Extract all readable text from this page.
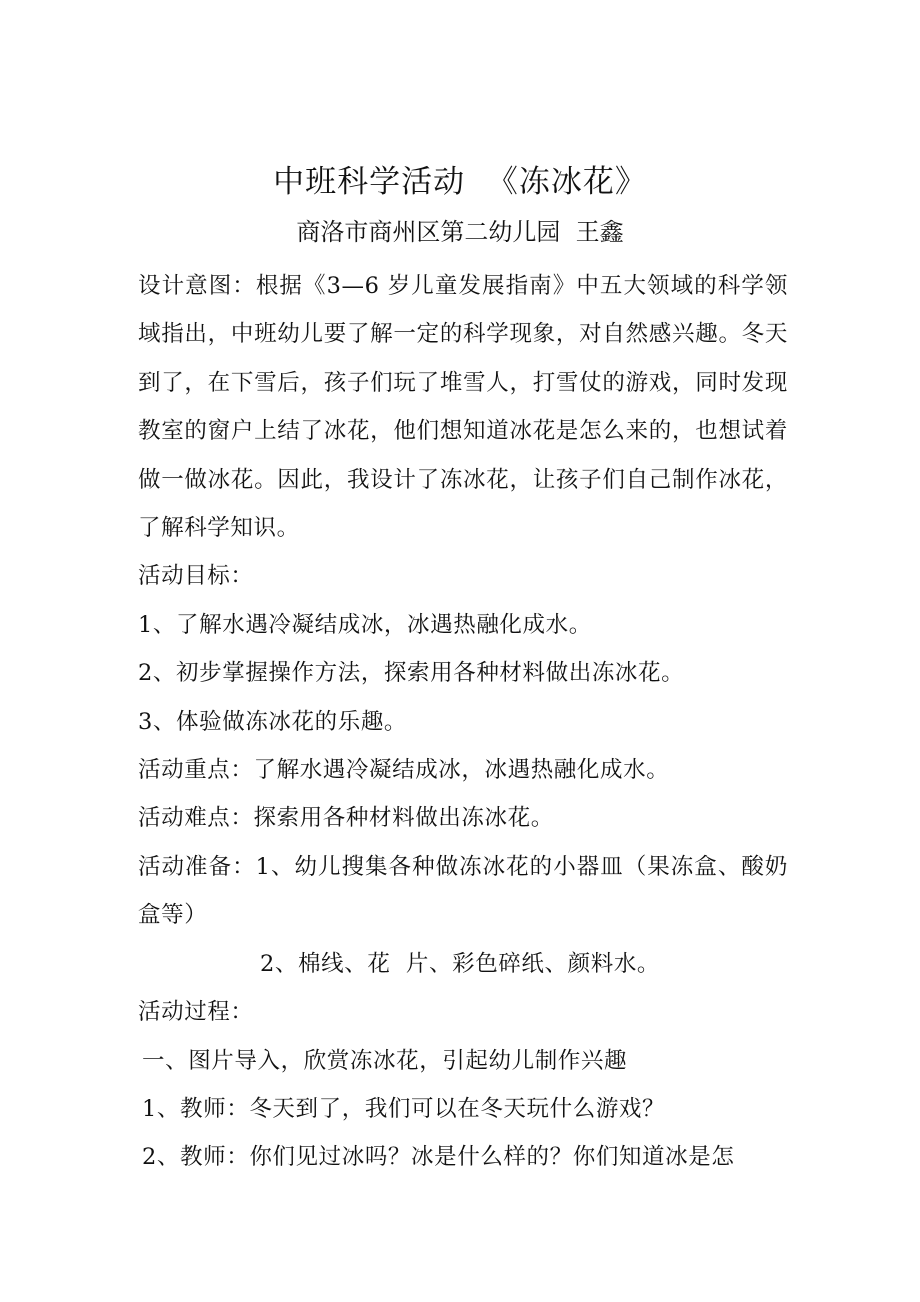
中班科学活动  《冻冰花》
商洛市商州区第二幼儿园  王鑫

设计意图：根据《3—6 岁儿童发展指南》中五大领域的科学领域指出，中班幼儿要了解一定的科学现象，对自然感兴趣。冬天到了，在下雪后，孩子们玩了堆雪人，打雪仗的游戏，同时发现教室的窗户上结了冰花，他们想知道冰花是怎么来的，也想试着做一做冰花。因此，我设计了冻冰花，让孩子们自己制作冰花，了解科学知识。

活动目标：

1、了解水遇冷凝结成冰，冰遇热融化成水。

2、初步掌握操作方法，探索用各种材料做出冻冰花。

3、体验做冻冰花的乐趣。

活动重点：了解水遇冷凝结成冰，冰遇热融化成水。

活动难点：探索用各种材料做出冻冰花。

活动准备：1、幼儿搜集各种做冻冰花的小器皿（果冻盒、酸奶盒等）

2、棉线、花  片、彩色碎纸、颜料水。

活动过程：

一、图片导入，欣赏冻冰花，引起幼儿制作兴趣

1、教师：冬天到了，我们可以在冬天玩什么游戏？

2、教师：你们见过冰吗？冰是什么样的？你们知道冰是怎
